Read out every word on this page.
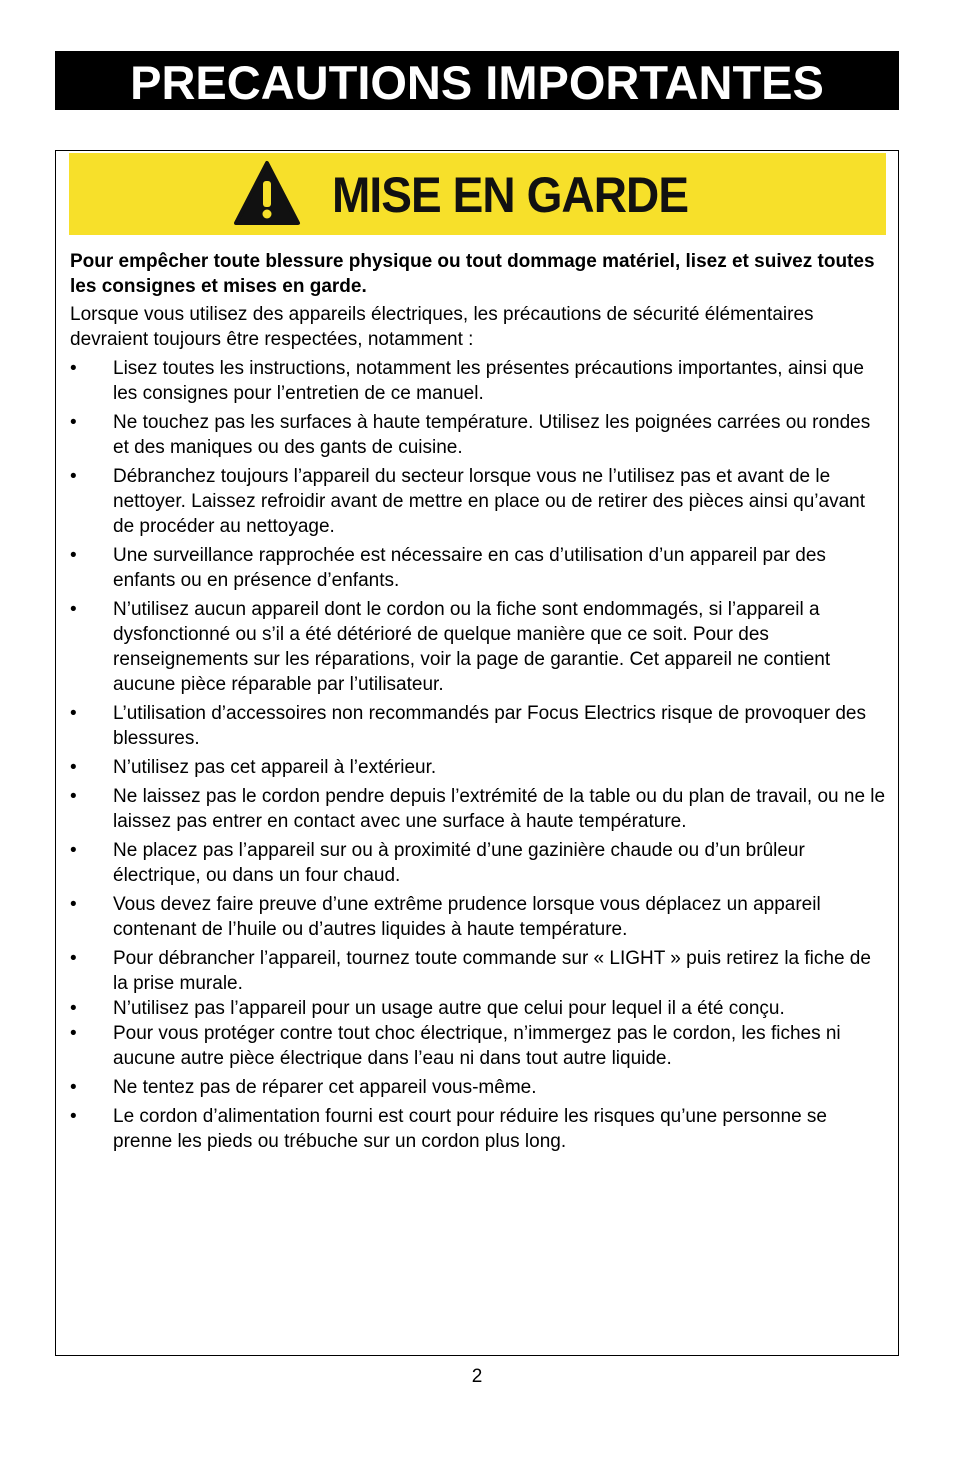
PRECAUTIONS IMPORTANTES
MISE EN GARDE

Pour empêcher toute blessure physique ou tout dommage matériel, lisez et suivez toutes les consignes et mises en garde.

Lorsque vous utilisez des appareils électriques, les précautions de sécurité élémentaires devraient toujours être respectées, notamment :

• Lisez toutes les instructions, notamment les présentes précautions importantes, ainsi que les consignes pour l’entretien de ce manuel.
• Ne touchez pas les surfaces à haute température. Utilisez les poignées carrées ou rondes et des maniques ou des gants de cuisine.
• Débranchez toujours l’appareil du secteur lorsque vous ne l’utilisez pas et avant de le nettoyer. Laissez refroidir avant de mettre en place ou de retirer des pièces ainsi qu’avant de procéder au nettoyage.
• Une surveillance rapprochée est nécessaire en cas d’utilisation d’un appareil par des enfants ou en présence d’enfants.
• N’utilisez aucun appareil dont le cordon ou la fiche sont endommagés, si l’appareil a dysfonctionné ou s’il a été détérioré de quelque manière que ce soit. Pour des renseignements sur les réparations, voir la page de garantie. Cet appareil ne contient aucune pièce réparable par l’utilisateur.
• L’utilisation d’accessoires non recommandés par Focus Electrics risque de provoquer des blessures.
• N’utilisez pas cet appareil à l’extérieur.
• Ne laissez pas le cordon pendre depuis l’extrémité de la table ou du plan de travail, ou ne le laissez pas entrer en contact avec une surface à haute température.
• Ne placez pas l’appareil sur ou à proximité d’une gazinière chaude ou d’un brûleur électrique, ou dans un four chaud.
• Vous devez faire preuve d’une extrême prudence lorsque vous déplacez un appareil contenant de l’huile ou d’autres liquides à haute température.
• Pour débrancher l’appareil, tournez toute commande sur « LIGHT » puis retirez la fiche de la prise murale.
• N’utilisez pas l’appareil pour un usage autre que celui pour lequel il a été conçu.
• Pour vous protéger contre tout choc électrique, n’immergez pas le cordon, les fiches ni aucune autre pièce électrique dans l’eau ni dans tout autre liquide.
• Ne tentez pas de réparer cet appareil vous-même.
• Le cordon d’alimentation fourni est court pour réduire les risques qu’une personne se prenne les pieds ou trébuche sur un cordon plus long.
2
